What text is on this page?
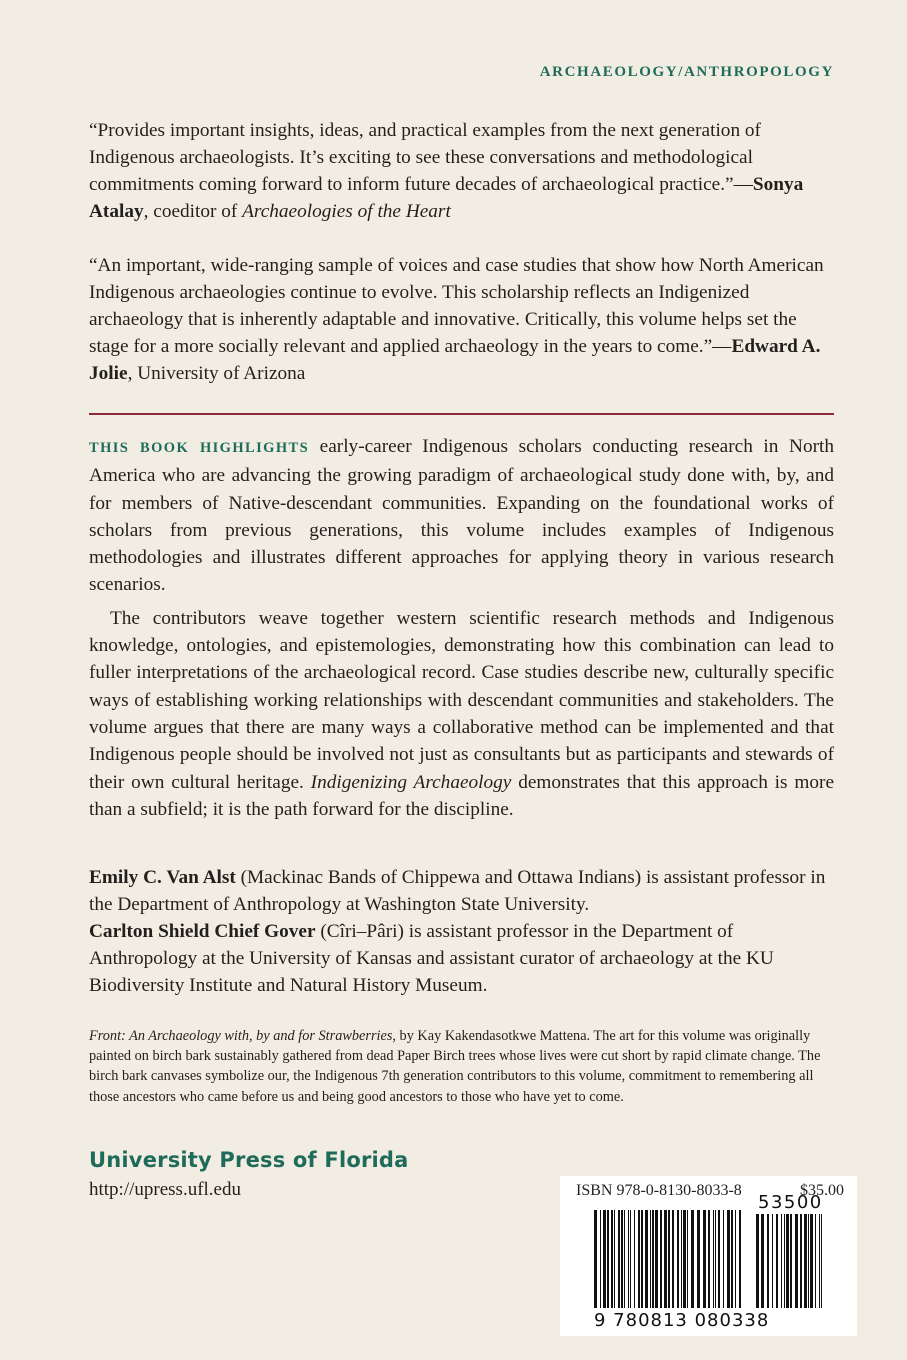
ARCHAEOLOGY/ANTHROPOLOGY
“Provides important insights, ideas, and practical examples from the next generation of Indigenous archaeologists. It’s exciting to see these conversations and methodological commitments coming forward to inform future decades of archaeological practice.”—Sonya Atalay, coeditor of Archaeologies of the Heart
“An important, wide-ranging sample of voices and case studies that show how North American Indigenous archaeologies continue to evolve. This scholarship reflects an Indigenized archaeology that is inherently adaptable and innovative. Critically, this volume helps set the stage for a more socially relevant and applied archaeology in the years to come.”—Edward A. Jolie, University of Arizona

THIS BOOK HIGHLIGHTS early-career Indigenous scholars conducting research in North America who are advancing the growing paradigm of archaeological study done with, by, and for members of Native-descendant communities. Expanding on the foundational works of scholars from previous generations, this volume includes examples of Indigenous methodologies and illustrates different approaches for applying theory in various research scenarios.

The contributors weave together western scientific research methods and Indigenous knowledge, ontologies, and epistemologies, demonstrating how this combination can lead to fuller interpretations of the archaeological record. Case studies describe new, culturally specific ways of establishing working relationships with descendant communities and stakeholders. The volume argues that there are many ways a collaborative method can be implemented and that Indigenous people should be involved not just as consultants but as participants and stewards of their own cultural heritage. Indigenizing Archaeology demonstrates that this approach is more than a subfield; it is the path forward for the discipline.

Emily C. Van Alst (Mackinac Bands of Chippewa and Ottawa Indians) is assistant professor in the Department of Anthropology at Washington State University.

Carlton Shield Chief Gover (Cîri–Pâri) is assistant professor in the Department of Anthropology at the University of Kansas and assistant curator of archaeology at the KU Biodiversity Institute and Natural History Museum.

Front: An Archaeology with, by and for Strawberries, by Kay Kakendasotkwe Mattena. The art for this volume was originally painted on birch bark sustainably gathered from dead Paper Birch trees whose lives were cut short by rapid climate change. The birch bark canvases symbolize our, the Indigenous 7th generation contributors to this volume, commitment to remembering all those ancestors who came before us and being good ancestors to those who have yet to come.
University Press of Florida
http://upress.ufl.edu
9 780813 080338
53500
ISBN 978-0-8130-8033-8	$35.00
